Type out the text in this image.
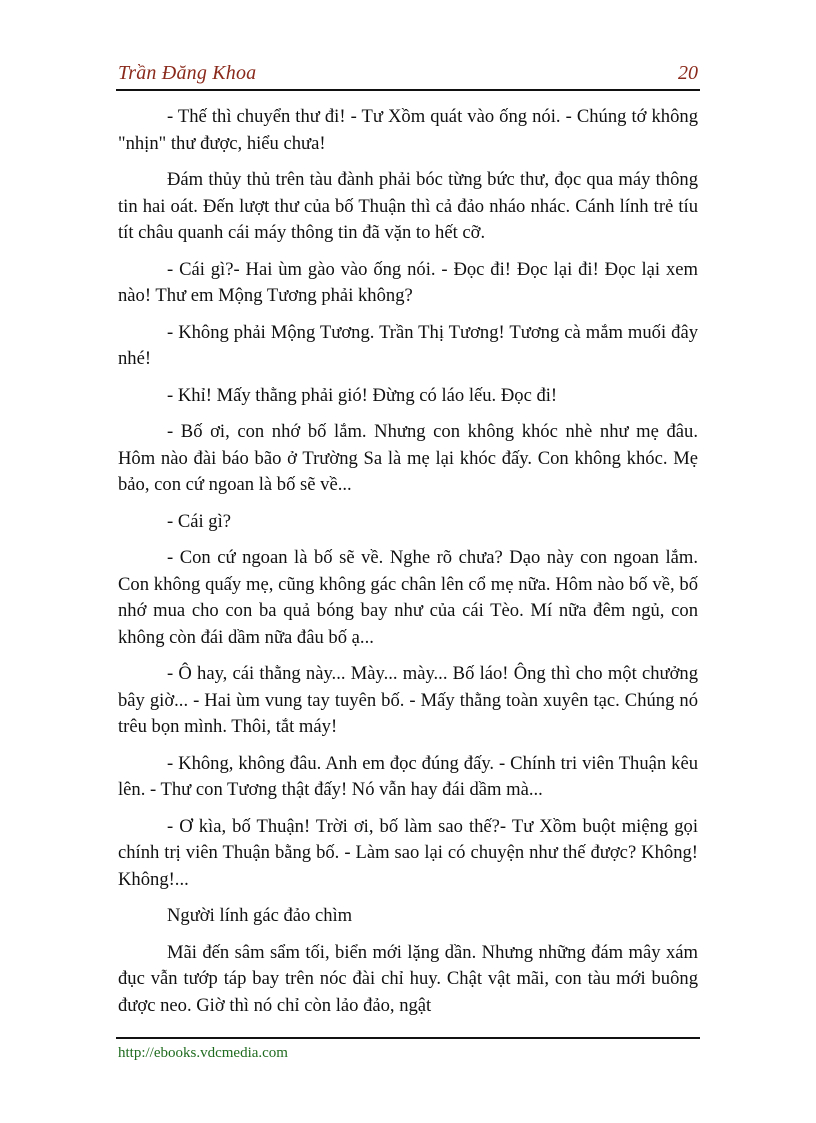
Trần Đăng Khoa	20

- Thế thì chuyển thư đi! - Tư Xồm quát vào ống nói. - Chúng tớ không "nhịn" thư được, hiểu chưa!

Đám thủy thủ trên tàu đành phải bóc từng bức thư, đọc qua máy thông tin hai oát. Đến lượt thư của bố Thuận thì cả đảo nháo nhác. Cánh lính trẻ tíu tít châu quanh cái máy thông tin đã vặn to hết cỡ.

- Cái gì?- Hai ùm gào vào ống nói. - Đọc đi! Đọc lại đi! Đọc lại xem nào! Thư em Mộng Tương phải không?

- Không phải Mộng Tương. Trần Thị Tương! Tương cà mắm muối đây nhé!

- Khỉ! Mấy thằng phải gió! Đừng có láo lếu. Đọc đi!

- Bố ơi, con nhớ bố lắm. Nhưng con không khóc nhè như mẹ đâu. Hôm nào đài báo bão ở Trường Sa là mẹ lại khóc đấy. Con không khóc. Mẹ bảo, con cứ ngoan là bố sẽ về...

- Cái gì?

- Con cứ ngoan là bố sẽ về. Nghe rõ chưa? Dạo này con ngoan lắm. Con không quấy mẹ, cũng không gác chân lên cổ mẹ nữa. Hôm nào bố về, bố nhớ mua cho con ba quả bóng bay như của cái Tèo. Mí nữa đêm ngủ, con không còn đái dầm nữa đâu bố ạ...

- Ô hay, cái thằng này... Mày... mày... Bố láo! Ông thì cho một chưởng bây giờ... - Hai ùm vung tay tuyên bố. - Mấy thằng toàn xuyên tạc. Chúng nó trêu bọn mình. Thôi, tắt máy!

- Không, không đâu. Anh em đọc đúng đấy. - Chính tri viên Thuận kêu lên. - Thư con Tương thật đấy! Nó vẫn hay đái dầm mà...

- Ơ kìa, bố Thuận! Trời ơi, bố làm sao thế?- Tư Xồm buột miệng gọi chính trị viên Thuận bằng bố. - Làm sao lại có chuyện như thế được? Không! Không!...

Người lính gác đảo chìm

Mãi đến sâm sẩm tối, biển mới lặng dần. Nhưng những đám mây xám đục vẫn tướp táp bay trên nóc đài chỉ huy. Chật vật mãi, con tàu mới buông được neo. Giờ thì nó chỉ còn lảo đảo, ngật

http://ebooks.vdcmedia.com
